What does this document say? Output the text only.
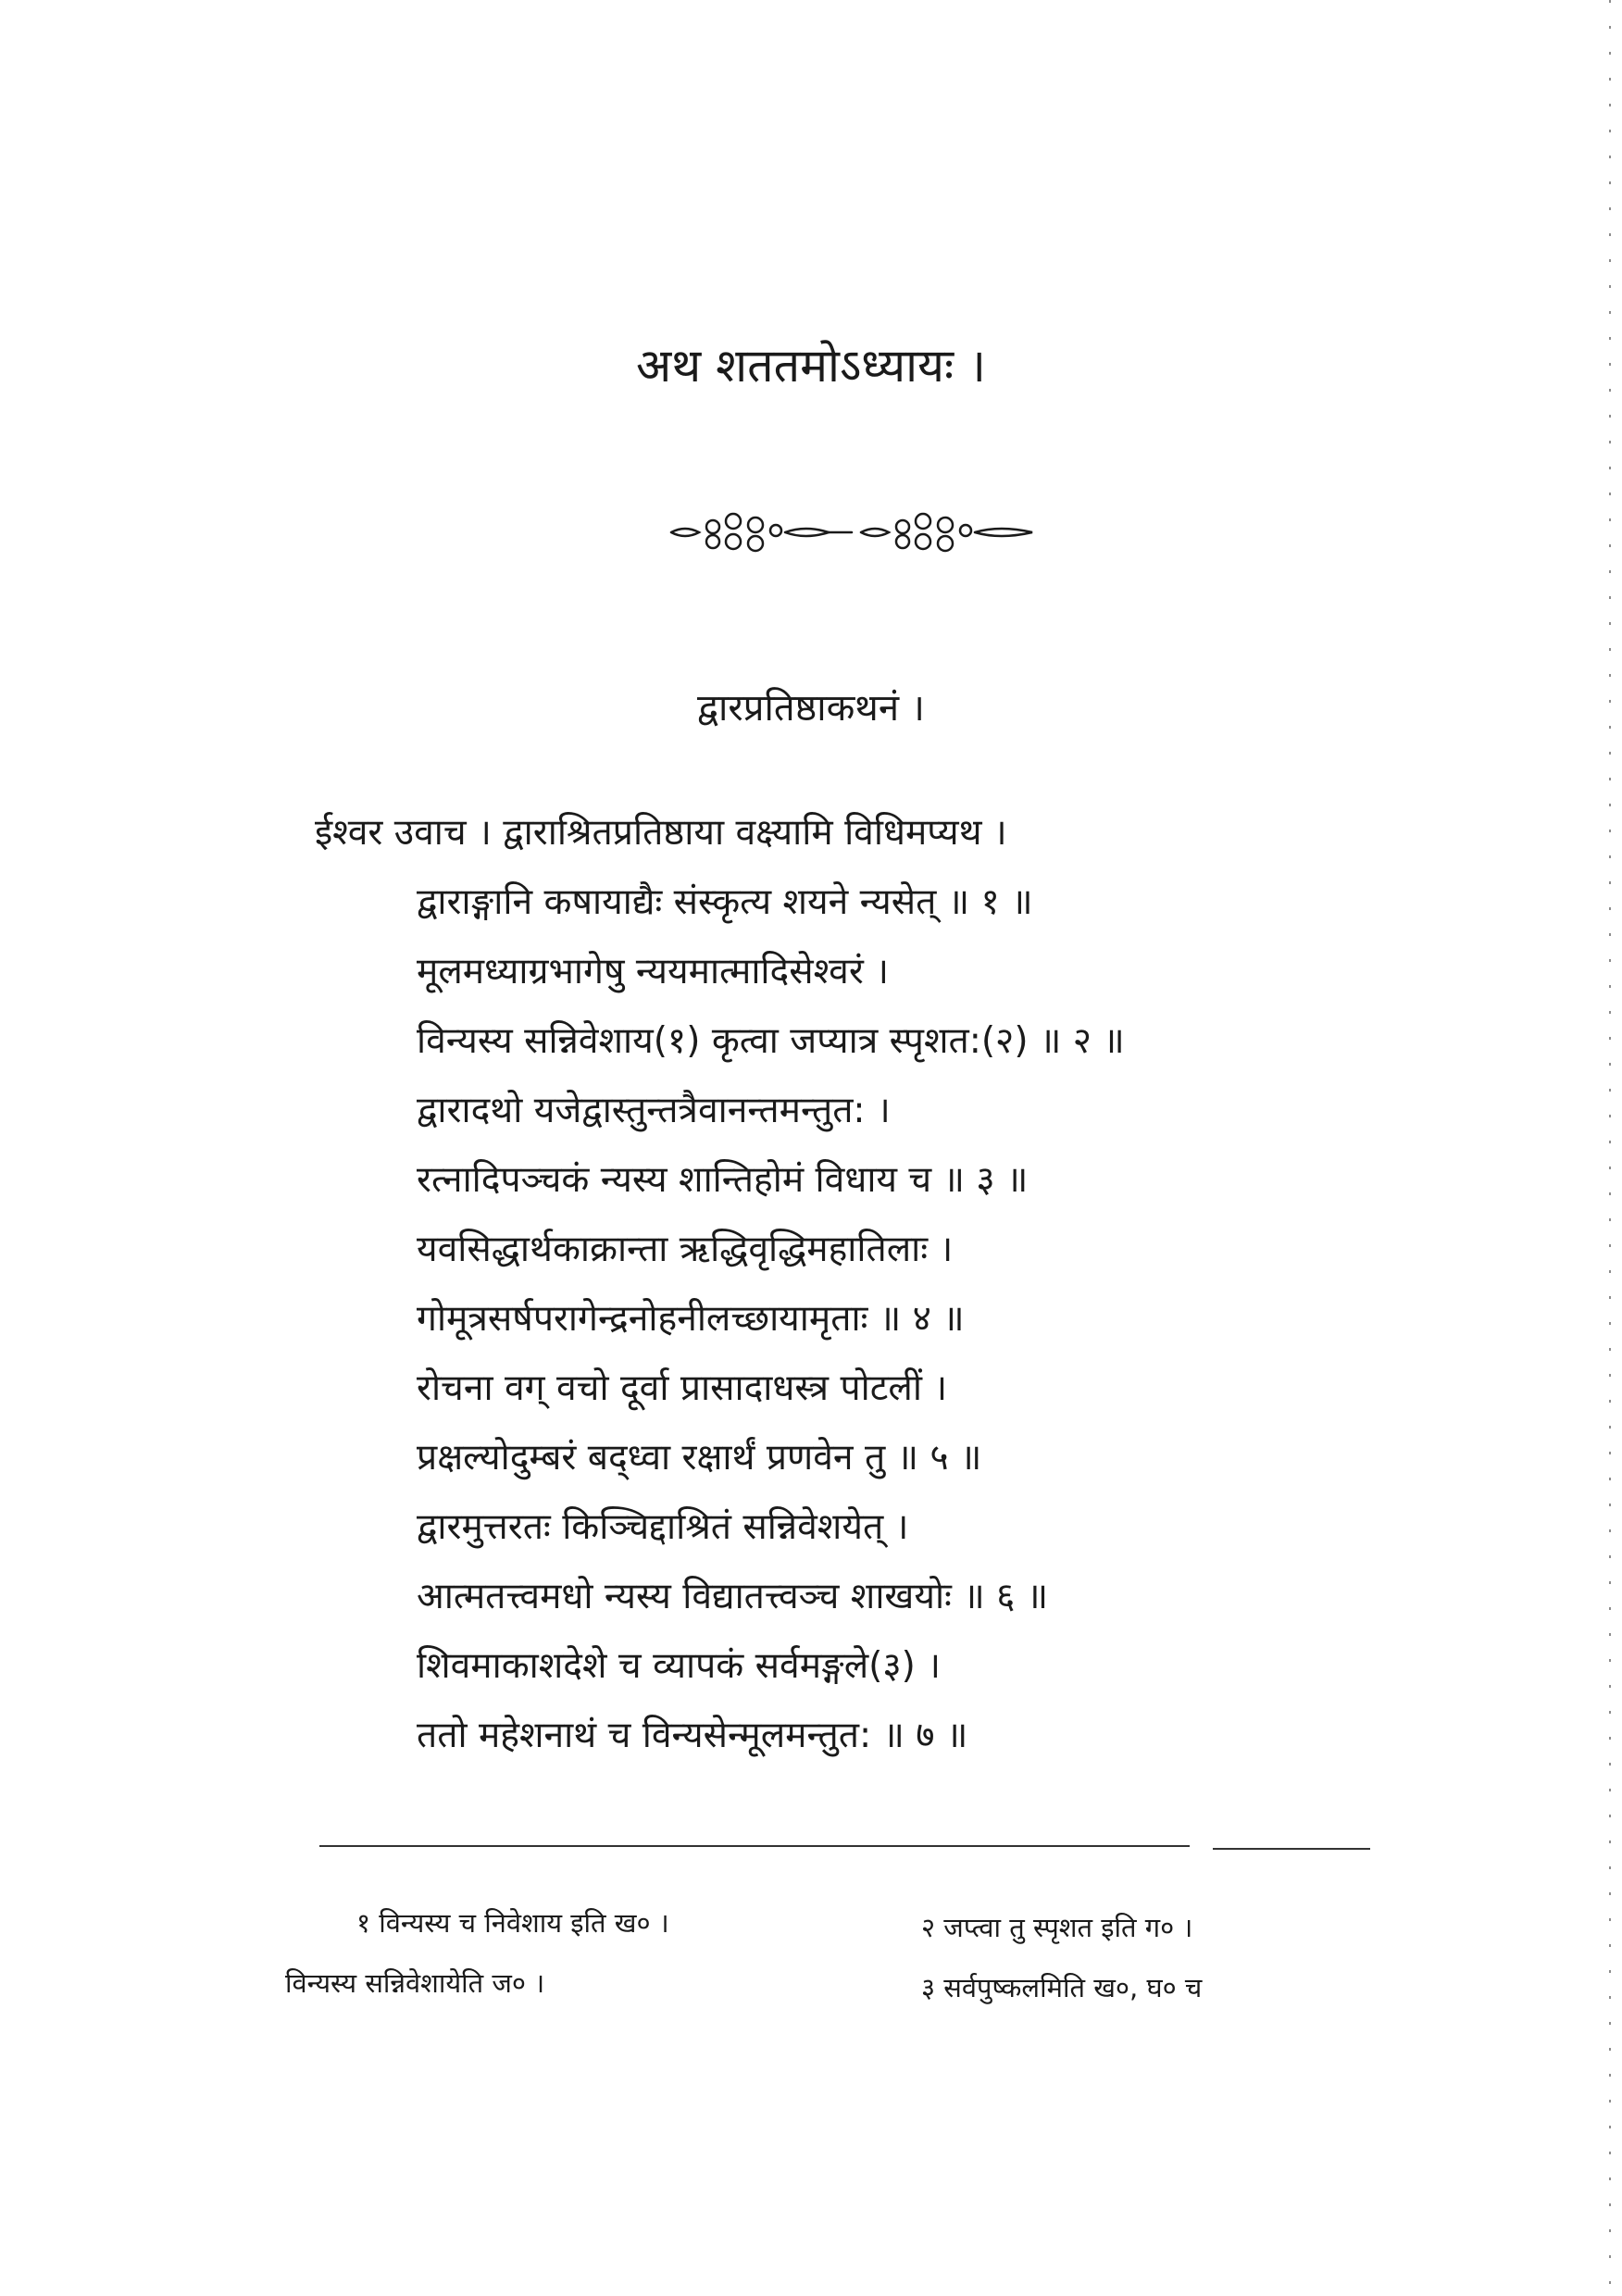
अथ शततमोऽध्यायः ।
द्वारप्रतिष्ठाकथनं ।
ईश्वर उवाच । द्वाराश्रितप्रतिष्ठाया वक्ष्यामि विधिमप्यथ ।
द्वाराङ्गानि कषायाद्यैः संस्कृत्य शयने न्यसेत् ॥ १ ॥
मूलमध्याग्रभागेषु न्ययमात्मादिसेश्वरं ।
विन्यस्य सन्निवेशाय(१) कृत्वा जप्यात्र स्पृशत:(२) ॥ २ ॥
द्वारादथो यजेद्वास्तुन्तत्रैवानन्तमन्तुत: ।
रत्नादिपञ्चकं न्यस्य शान्तिहोमं विधाय च ॥ ३ ॥
यवसिद्धार्थकाक्रान्ता ऋद्धिवृद्धिमहातिलाः ।
गोमूत्रसर्षपरागेन्द्रनोहनीलच्छायामृताः ॥ ४ ॥
रोचना वग्‌ वचो दूर्वा प्रासादाधस्त्र पोटलीं ।
प्रक्षल्योदुम्बरं बद्ध्वा रक्षार्थं प्रणवेन तु ॥ ५ ॥
द्वारमुत्तरतः किञ्चिद्दाश्रितं सन्निवेशयेत् ।
आत्मतत्त्वमधो न्यस्य विद्यातत्त्वञ्च शाखयोः ॥ ६ ॥
शिवमाकाशदेशे च व्यापकं सर्वमङ्गले(३) ।
ततो महेशनाथं च विन्यसेन्मूलमन्तुत: ॥ ७ ॥
१ विन्यस्य च निवेशाय इति ख० ।
विन्यस्य सन्निवेशायेति ज० ।
२ जप्त्वा तु स्पृशत इति ग० ।
३ सर्वपुष्कलमिति ख०, घ० च
